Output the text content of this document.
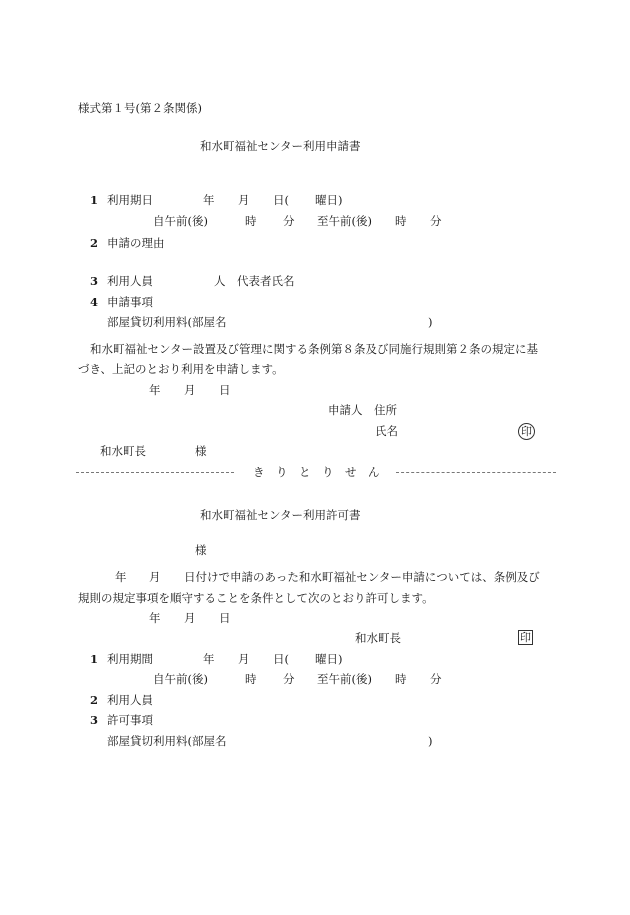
様式第１号(第２条関係)
和水町福祉センター利用申請書
1 利用期日	年 月 日( 曜日)
自午前(後)	時 分 至午前(後) 時 分
2 申請の理由
3 利用人員	人 代表者氏名
4 申請事項
部屋貸切利用料(部屋名	)
和水町福祉センター設置及び管理に関する条例第８条及び同施行規則第２条の規定に基
づき、上記のとおり利用を申請します。
年 月 日
申請人 住所
氏名	印
和水町長	様
き　り　と　り　せ　ん
和水町福祉センター利用許可書
様
年 月 日付けで申請のあった和水町福祉センター申請については、条例及び
規則の規定事項を順守することを条件として次のとおり許可します。
年 月 日
和水町長	印
1 利用期間	年 月 日( 曜日)
自午前(後)	時 分 至午前(後) 時 分
2 利用人員
3 許可事項
部屋貸切利用料(部屋名	)
